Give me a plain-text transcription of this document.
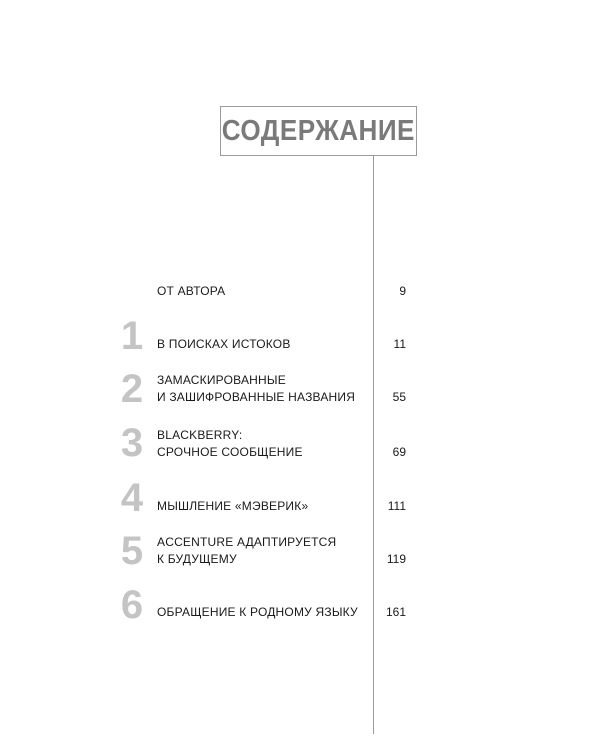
СОДЕРЖАНИЕ
ОТ АВТОРА	9
1 В ПОИСКАХ ИСТОКОВ	11
2 ЗАМАСКИРОВАННЫЕ
И ЗАШИФРОВАННЫЕ НАЗВАНИЯ	55
3 BLACKBERRY:
СРОЧНОЕ СООБЩЕНИЕ	69
4 МЫШЛЕНИЕ «МЭВЕРИК»	111
5 ACCENTURE АДАПТИРУЕТСЯ
К БУДУЩЕМУ	119
6 ОБРАЩЕНИЕ К РОДНОМУ ЯЗЫКУ	161
